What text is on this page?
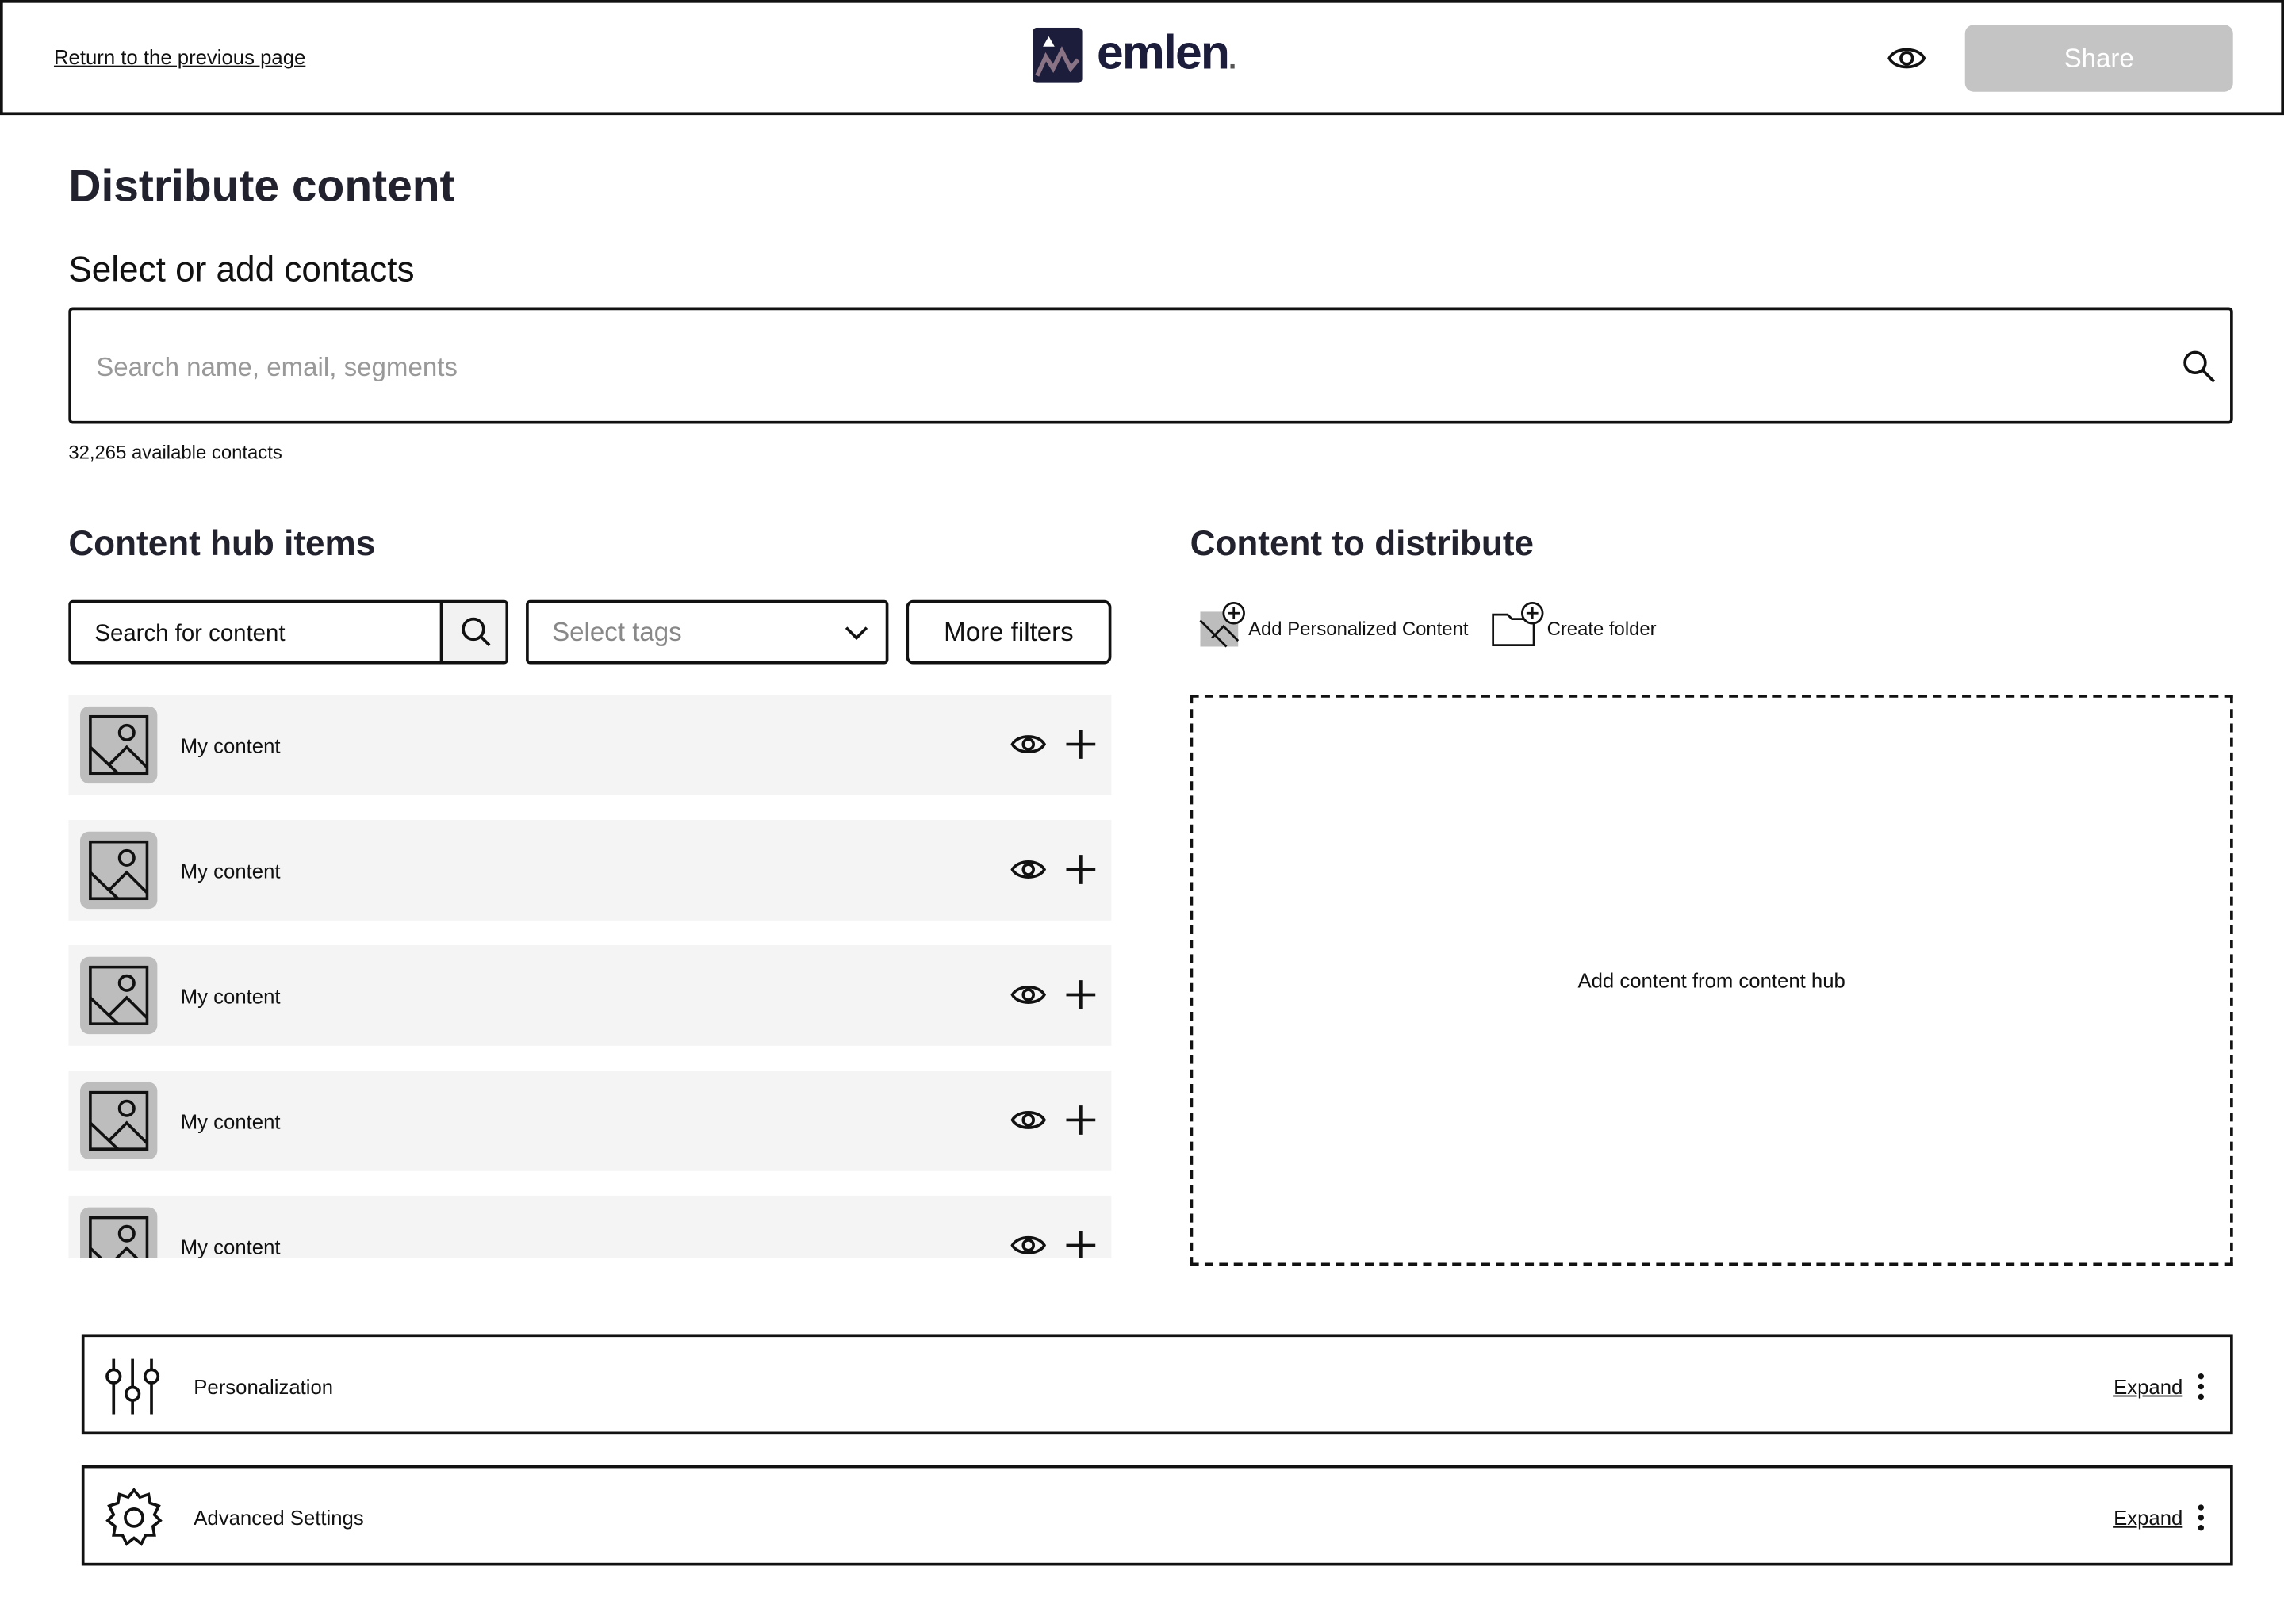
Return to the previous page	emlen.	Share
Distribute content
Select or add contacts
Search name, email, segments
32,265 available contacts
Content hub items
Search for content
Select tags	More filters
My content
My content
My content
My content
My content
Content to distribute
Add Personalized Content	Create folder
Add content from content hub
Personalization	Expand
Advanced Settings	Expand
